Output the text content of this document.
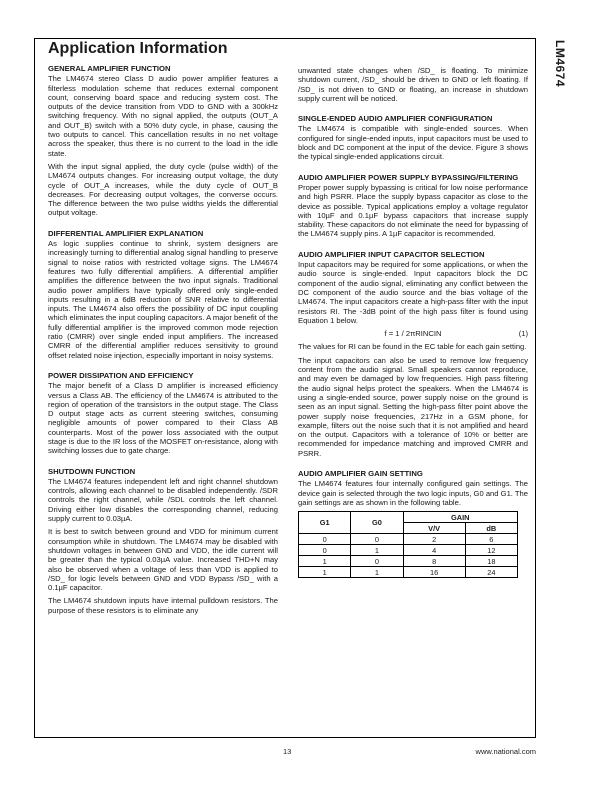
LM4674
Application Information
GENERAL AMPLIFIER FUNCTION

The LM4674 stereo Class D audio power amplifier features a filterless modulation scheme that reduces external component count, conserving board space and reducing system cost. The outputs of the device transition from VDD to GND with a 300kHz switching frequency. With no signal applied, the outputs (OUT_A and OUT_B) switch with a 50% duty cycle, in phase, causing the two outputs to cancel. This cancellation results in no net voltage across the speaker, thus there is no current to the load in the idle state.

With the input signal applied, the duty cycle (pulse width) of the LM4674 outputs changes. For increasing output voltage, the duty cycle of OUT_A increases, while the duty cycle of OUT_B decreases. For decreasing output voltages, the converse occurs. The difference between the two pulse widths yields the differential output voltage.

DIFFERENTIAL AMPLIFIER EXPLANATION

As logic supplies continue to shrink, system designers are increasingly turning to differential analog signal handling to preserve signal to noise ratios with restricted voltage signs. The LM4674 features two fully differential amplifiers. A differential amplifier amplifies the difference between the two input signals. Traditional audio power amplifiers have typically offered only single-ended inputs resulting in a 6dB reduction of SNR relative to differential inputs. The LM4674 also offers the possibility of DC input coupling which eliminates the input coupling capacitors. A major benefit of the fully differential amplifier is the improved common mode rejection ratio (CMRR) over single ended input amplifiers. The increased CMRR of the differential amplifier reduces sensitivity to ground offset related noise injection, especially important in noisy systems.

POWER DISSIPATION AND EFFICIENCY

The major benefit of a Class D amplifier is increased efficiency versus a Class AB. The efficiency of the LM4674 is attributed to the region of operation of the transistors in the output stage. The Class D output stage acts as current steering switches, consuming negligible amounts of power compared to their Class AB counterparts. Most of the power loss associated with the output stage is due to the IR loss of the MOSFET on-resistance, along with switching losses due to gate charge.

SHUTDOWN FUNCTION

The LM4674 features independent left and right channel shutdown controls, allowing each channel to be disabled independently. /SDR controls the right channel, while /SDL controls the left channel. Driving either low disables the corresponding channel, reducing supply current to 0.03µA.

It is best to switch between ground and VDD for minimum current consumption while in shutdown. The LM4674 may be disabled with shutdown voltages in between GND and VDD, the idle current will be greater than the typical 0.03µA value. Increased THD+N may also be observed when a voltage of less than VDD is applied to /SD_ for logic levels between GND and VDD Bypass /SD_ with a 0.1µF capacitor.

The LM4674 shutdown inputs have internal pulldown resistors. The purpose of these resistors is to eliminate any

unwanted state changes when /SD_ is floating. To minimize shutdown current, /SD_ should be driven to GND or left floating. If /SD_ is not driven to GND or floating, an increase in shutdown supply current will be noticed.

SINGLE-ENDED AUDIO AMPLIFIER CONFIGURATION

The LM4674 is compatible with single-ended sources. When configured for single-ended inputs, input capacitors must be used to block and DC component at the input of the device. Figure 3 shows the typical single-ended applications circuit.

AUDIO AMPLIFIER POWER SUPPLY BYPASSING/FILTERING

Proper power supply bypassing is critical for low noise performance and high PSRR. Place the supply bypass capacitor as close to the device as possible. Typical applications employ a voltage regulator with 10µF and 0.1µF bypass capacitors that increase supply stability. These capacitors do not eliminate the need for bypassing of the LM4674 supply pins. A 1µF capacitor is recommended.

AUDIO AMPLIFIER INPUT CAPACITOR SELECTION

Input capacitors may be required for some applications, or when the audio source is single-ended. Input capacitors block the DC component of the audio signal, eliminating any conflict between the DC component of the audio source and the bias voltage of the LM4674. The input capacitors create a high-pass filter with the input resistors RI. The -3dB point of the high pass filter is found using Equation 1 below.

f = 1 / 2πRINCIN	(1)

The values for RI can be found in the EC table for each gain setting.

The input capacitors can also be used to remove low frequency content from the audio signal. Small speakers cannot reproduce, and may even be damaged by low frequencies. High pass filtering the audio signal helps protect the speakers. When the LM4674 is using a single-ended source, power supply noise on the ground is seen as an input signal. Setting the high-pass filter point above the power supply noise frequencies, 217Hz in a GSM phone, for example, filters out the noise such that it is not amplified and heard on the output. Capacitors with a tolerance of 10% or better are recommended for impedance matching and improved CMRR and PSRR.

AUDIO AMPLIFIER GAIN SETTING

The LM4674 features four internally configured gain settings. The device gain is selected through the two logic inputs, G0 and G1. The gain settings are as shown in the following table.

G1	G0	GAIN	
		V/V	dB
0	0	2	6
0	1	4	12
1	0	8	18
1	1	16	24
13	www.national.com
